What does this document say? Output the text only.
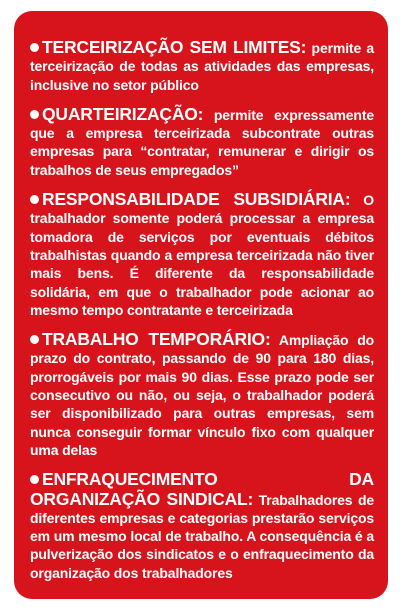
TERCEIRIZAÇÃO SEM LIMITES: permite a terceirização de todas as atividades das empresas, inclusive no setor público

QUARTEIRIZAÇÃO: permite expressamente que a empresa terceirizada subcontrate outras empresas para “contratar, remunerar e dirigir os trabalhos de seus empregados”

RESPONSABILIDADE SUBSIDIÁRIA: O trabalhador somente poderá processar a empresa tomadora de serviços por eventuais débitos trabalhistas quando a empresa terceirizada não tiver mais bens. É diferente da responsabilidade solidária, em que o trabalhador pode acionar ao mesmo tempo contratante e terceirizada

TRABALHO TEMPORÁRIO: Ampliação do prazo do contrato, passando de 90 para 180 dias, prorrogáveis por mais 90 dias. Esse prazo pode ser consecutivo ou não, ou seja, o trabalhador poderá ser disponibilizado para outras empresas, sem nunca conseguir formar vínculo fixo com qualquer uma delas

ENFRAQUECIMENTO DA ORGANIZAÇÃO SINDICAL: Trabalhadores de diferentes empresas e categorias prestarão serviços em um mesmo local de trabalho. A consequência é a pulverização dos sindicatos e o enfraquecimento da organização dos trabalhadores
